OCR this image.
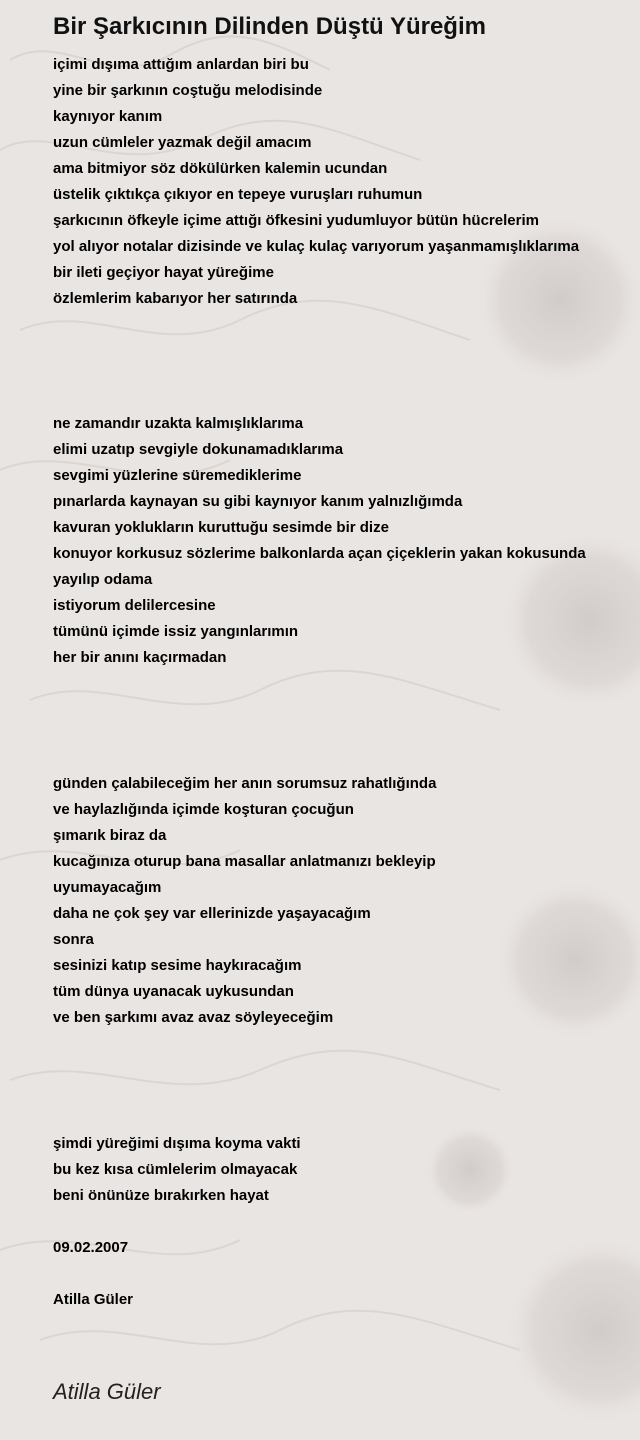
Bir Şarkıcının Dilinden Düştü Yüreğim
içimi dışıma attığım anlardan biri bu
yine bir şarkının coştuğu melodisinde
kaynıyor kanım
uzun cümleler yazmak değil amacım
ama bitmiyor söz dökülürken kalemin ucundan
üstelik çıktıkça çıkıyor en tepeye vuruşları ruhumun
şarkıcının öfkeyle içime attığı öfkesini yudumluyor bütün hücrelerim
yol alıyor notalar dizisinde ve kulaç kulaç varıyorum yaşanmamışlıklarıma
bir ileti geçiyor hayat yüreğime
özlemlerim kabarıyor her satırında
ne zamandır uzakta kalmışlıklarıma
elimi uzatıp sevgiyle dokunamadıklarıma
sevgimi yüzlerine süremediklerime
pınarlarda kaynayan su gibi kaynıyor kanım yalnızlığımda
kavuran yoklukların kuruttuğu sesimde bir dize
konuyor korkusuz sözlerime balkonlarda açan çiçeklerin yakan kokusunda
yayılıp odama
istiyorum delilercesine
tümünü içimde issiz yangınlarımın
her bir anını kaçırmadan
günden çalabileceğim her anın sorumsuz rahatlığında
ve haylazlığında içimde koşturan çocuğun
şımarık biraz da
kucağınıza oturup bana masallar anlatmanızı bekleyip
uyumayacağım
daha ne çok şey var ellerinizde yaşayacağım
sonra
sesinizi katıp sesime haykıracağım
tüm dünya uyanacak uykusundan
ve ben şarkımı avaz avaz söyleyeceğim
şimdi yüreğimi dışıma koyma vakti
bu kez kısa cümlelerim olmayacak
beni önünüze bırakırken hayat
09.02.2007
Atilla Güler
Atilla Güler
